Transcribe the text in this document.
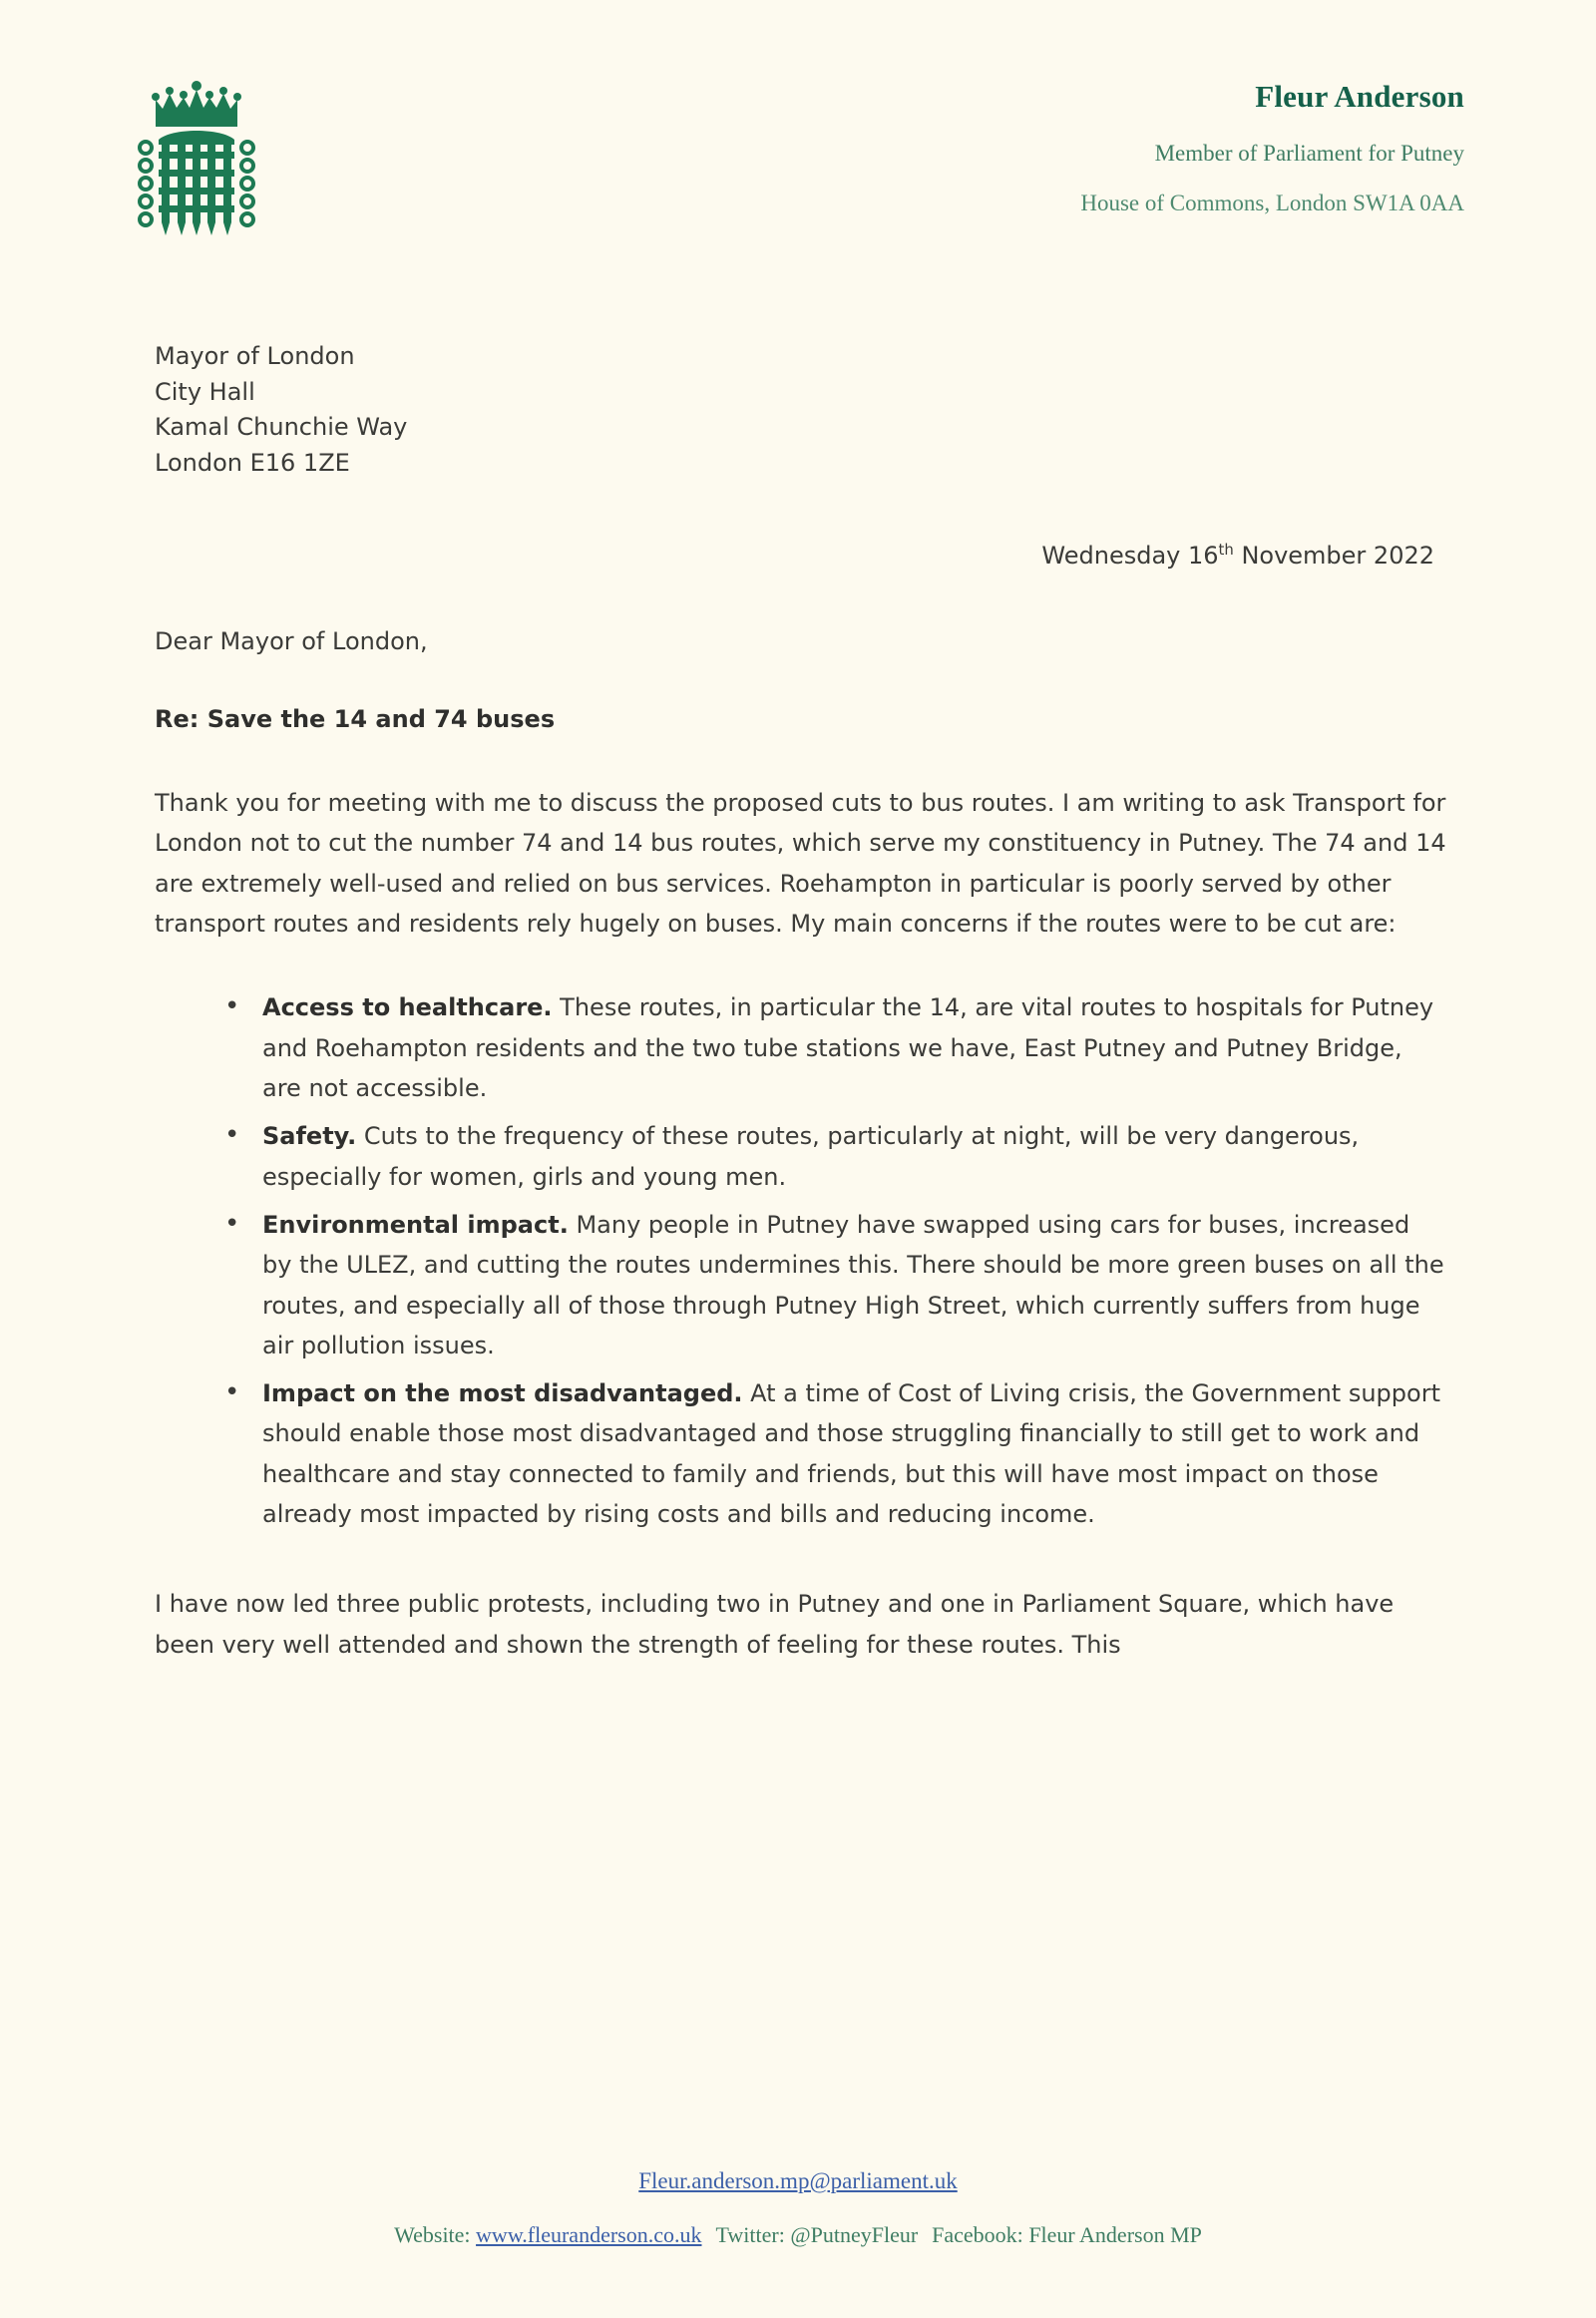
Fleur Anderson
Member of Parliament for Putney
House of Commons, London SW1A 0AA
Mayor of London
City Hall
Kamal Chunchie Way
London E16 1ZE
Wednesday 16th November 2022
Dear Mayor of London,
Re: Save the 14 and 74 buses

Thank you for meeting with me to discuss the proposed cuts to bus routes. I am writing to ask Transport for London not to cut the number 74 and 14 bus routes, which serve my constituency in Putney. The 74 and 14 are extremely well-used and relied on bus services. Roehampton in particular is poorly served by other transport routes and residents rely hugely on buses. My main concerns if the routes were to be cut are:

• Access to healthcare. These routes, in particular the 14, are vital routes to hospitals for Putney and Roehampton residents and the two tube stations we have, East Putney and Putney Bridge, are not accessible.
• Safety. Cuts to the frequency of these routes, particularly at night, will be very dangerous, especially for women, girls and young men.
• Environmental impact. Many people in Putney have swapped using cars for buses, increased by the ULEZ, and cutting the routes undermines this. There should be more green buses on all the routes, and especially all of those through Putney High Street, which currently suffers from huge air pollution issues.
• Impact on the most disadvantaged. At a time of Cost of Living crisis, the Government support should enable those most disadvantaged and those struggling financially to still get to work and healthcare and stay connected to family and friends, but this will have most impact on those already most impacted by rising costs and bills and reducing income.

I have now led three public protests, including two in Putney and one in Parliament Square, which have been very well attended and shown the strength of feeling for these routes. This

Fleur.anderson.mp@parliament.uk
Website: www.fleuranderson.co.uk Twitter: @PutneyFleur Facebook: Fleur Anderson MP
